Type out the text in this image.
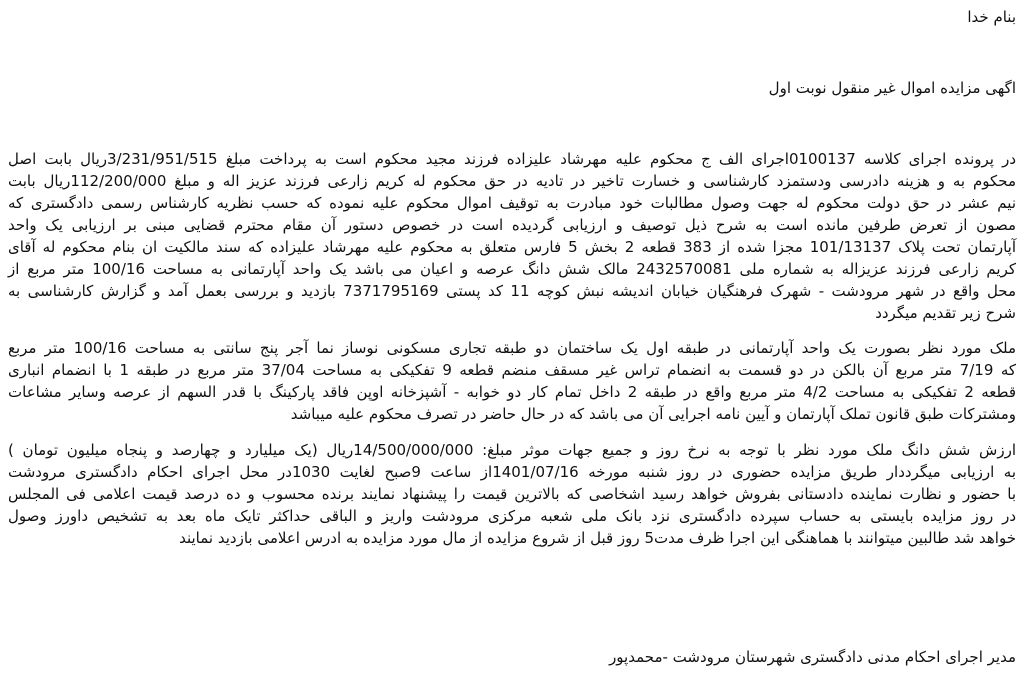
بنام خدا
اگهی مزایده اموال غیر منقول نوبت اول
در پرونده اجرای کلاسه 0100137اجرای الف ج محکوم علیه مهرشاد علیزاده فرزند مجید محکوم است به پرداخت مبلغ 3/231/951/515ریال بابت اصل
محکوم به و هزینه دادرسی ودستمزد کارشناسی و خسارت تاخیر در تادیه در حق محکوم له کریم زارعی فرزند عزیز اله و مبلغ 112/200/000ریال بابت
نیم عشر در حق دولت محکوم له جهت وصول مطالبات خود مبادرت به توقیف اموال محکوم علیه نموده که حسب نظریه کارشناس رسمی دادگستری که
مصون از تعرض طرفین مانده است به شرح ذیل توصیف و ارزیابی گردیده است در خصوص دستور آن مقام محترم قضایی مبنی بر ارزیابی یک واحد
آپارتمان تحت پلاک 101/13137 مجزا شده از 383 قطعه 2 بخش 5 فارس متعلق به محکوم علیه مهرشاد علیزاده که سند مالکیت ان بنام محکوم له آقای
کریم زارعی فرزند عزیزاله به شماره ملی 2432570081 مالک شش دانگ عرصه و اعیان می باشد یک واحد آپارتمانی به مساحت 100/16 متر مربع از
محل واقع در شهر مرودشت - شهرک فرهنگیان خیابان اندیشه نبش کوچه 11 کد پستی 7371795169 بازدید و بررسی بعمل آمد و گزارش کارشناسی به
شرح زیر تقدیم میگردد
ملک مورد نظر بصورت یک واحد آپارتمانی در طبقه اول یک ساختمان دو طبقه تجاری مسکونی نوساز نما آجر پنج سانتی به مساحت 100/16 متر مربع
که 7/19 متر مربع آن بالکن در دو قسمت به انضمام تراس غیر مسقف منضم قطعه 9 تفکیکی به مساحت 37/04 متر مربع در طبقه 1 با انضمام انباری
قطعه 2 تفکیکی به مساحت 4/2 متر مربع واقع در طبقه 2 داخل تمام کار دو خوابه - آشپزخانه اوپن فاقد پارکینگ با قدر السهم از عرصه وسایر مشاعات
ومشترکات طبق قانون تملک آپارتمان و آیین نامه اجرایی آن می باشد که در حال حاضر در تصرف محکوم علیه میباشد
ارزش شش دانگ ملک مورد نظر با توجه به نرخ روز و جمیع جهات موثر مبلغ: 14/500/000/000ریال (یک میلیارد و چهارصد و پنجاه میلیون تومان )
به ارزیابی میگرددار طریق مزایده حضوری در روز شنبه مورخه 1401/07/16از ساعت 9صبح لغایت 1030در محل اجرای احکام دادگستری مرودشت
با حضور و نظارت نماینده دادستانی بفروش خواهد رسید اشخاصی که بالاترین قیمت را پیشنهاد نمایند برنده محسوب و ده درصد قیمت اعلامی فی المجلس
در روز مزایده بایستی به حساب سپرده دادگستری نزد بانک ملی شعبه مرکزی مرودشت واریز و الباقی حداکثر تایک ماه بعد به تشخیص داورز وصول
خواهد شد طالبین میتوانند با هماهنگی این اجرا ظرف مدت5 روز قبل از شروع مزایده از مال مورد مزایده به ادرس اعلامی بازدید نمایند
مدیر اجرای احکام مدنی دادگستری شهرستان مرودشت -محمدپور
